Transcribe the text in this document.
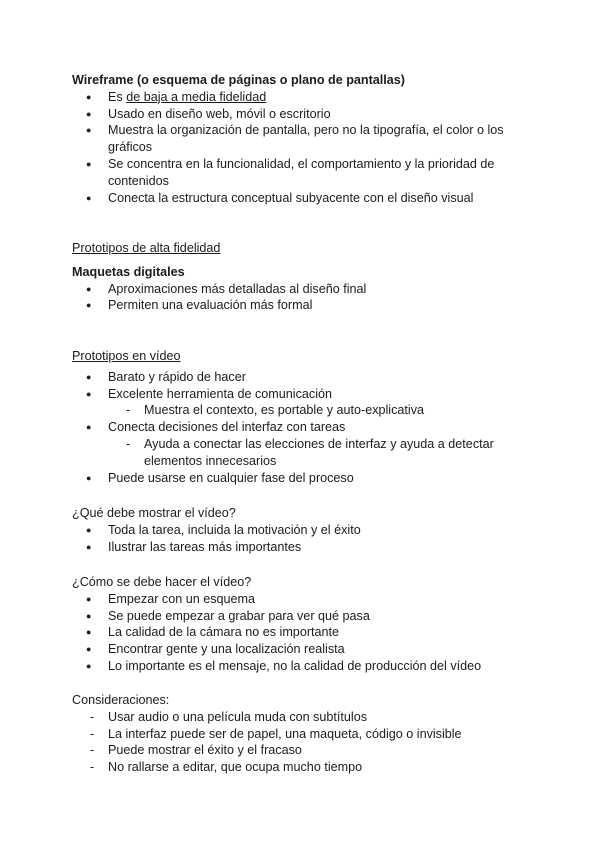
Wireframe (o esquema de páginas o plano de pantallas)
● Es de baja a media fidelidad
● Usado en diseño web, móvil o escritorio
● Muestra la organización de pantalla, pero no la tipografía, el color o los gráficos
● Se concentra en la funcionalidad, el comportamiento y la prioridad de contenidos
● Conecta la estructura conceptual subyacente con el diseño visual
Prototipos de alta fidelidad
Maquetas digitales
● Aproximaciones más detalladas al diseño final
● Permiten una evaluación más formal
Prototipos en vídeo
● Barato y rápido de hacer
● Excelente herramienta de comunicación
- Muestra el contexto, es portable y auto-explicativa
● Conecta decisiones del interfaz con tareas
- Ayuda a conectar las elecciones de interfaz y ayuda a detectar elementos innecesarios
● Puede usarse en cualquier fase del proceso
¿Qué debe mostrar el vídeo?
● Toda la tarea, incluida la motivación y el éxito
● Ilustrar las tareas más importantes
¿Cómo se debe hacer el vídeo?
● Empezar con un esquema
● Se puede empezar a grabar para ver qué pasa
● La calidad de la cámara no es importante
● Encontrar gente y una localización realista
● Lo importante es el mensaje, no la calidad de producción del vídeo
Consideraciones:
- Usar audio o una película muda con subtítulos
- La interfaz puede ser de papel, una maqueta, código o invisible
- Puede mostrar el éxito y el fracaso
- No rallarse a editar, que ocupa mucho tiempo
